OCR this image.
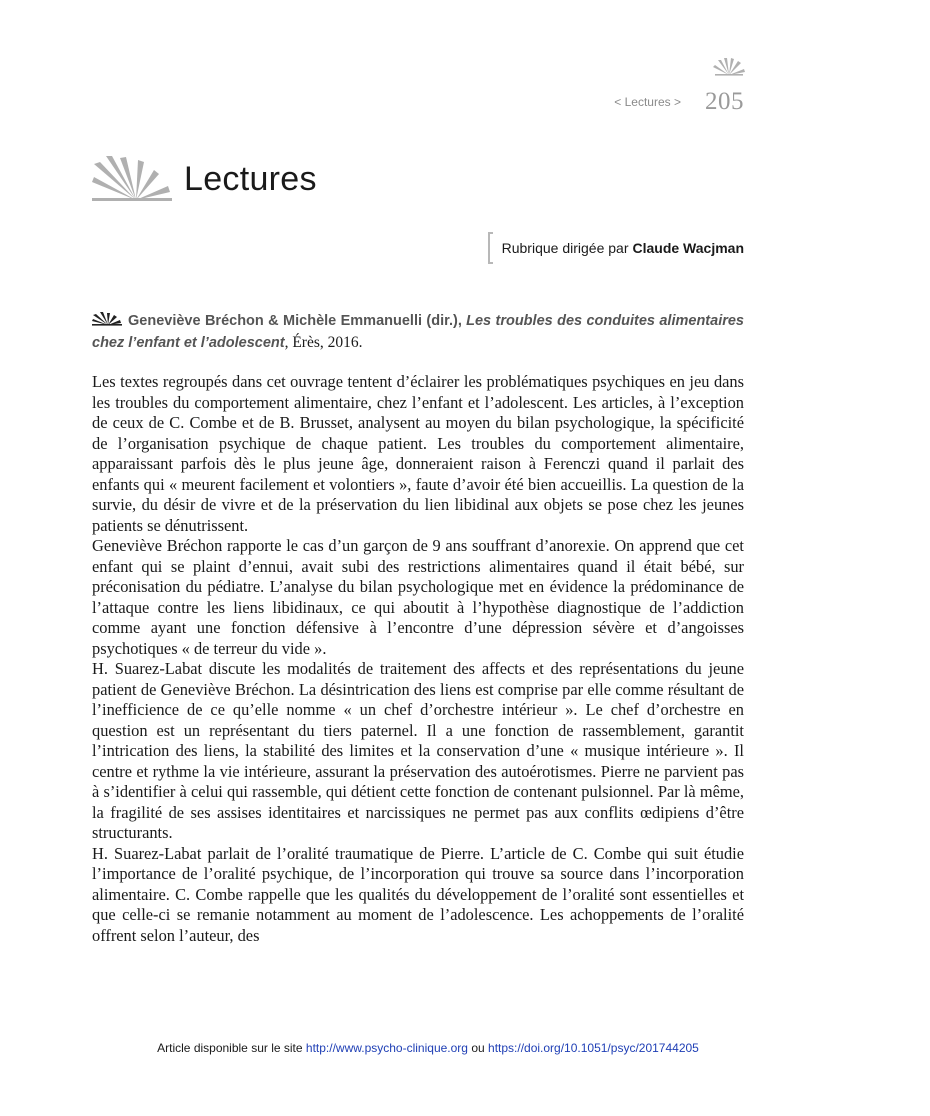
< Lectures > 205
Lectures
Rubrique dirigée par Claude Wacjman
Geneviève Bréchon & Michèle Emmanuelli (dir.), Les troubles des conduites alimentaires chez l’enfant et l’adolescent, Érès, 2016.

Les textes regroupés dans cet ouvrage tentent d’éclairer les problématiques psychiques en jeu dans les troubles du comportement alimentaire, chez l’enfant et l’adolescent. Les articles, à l’exception de ceux de C. Combe et de B. Brusset, analysent au moyen du bilan psychologique, la spécificité de l’organisation psychique de chaque patient. Les troubles du comportement alimentaire, apparaissant parfois dès le plus jeune âge, donneraient raison à Ferenczi quand il parlait des enfants qui « meurent facilement et volontiers », faute d’avoir été bien accueillis. La question de la survie, du désir de vivre et de la préservation du lien libidinal aux objets se pose chez les jeunes patients se dénutrissent.

Geneviève Bréchon rapporte le cas d’un garçon de 9 ans souffrant d’anorexie. On apprend que cet enfant qui se plaint d’ennui, avait subi des restrictions alimentaires quand il était bébé, sur préconisation du pédiatre. L’analyse du bilan psychologique met en évidence la prédominance de l’attaque contre les liens libidinaux, ce qui aboutit à l’hypothèse diagnostique de l’addiction comme ayant une fonction défensive à l’encontre d’une dépression sévère et d’angoisses psychotiques « de terreur du vide ».

H. Suarez-Labat discute les modalités de traitement des affects et des représentations du jeune patient de Geneviève Bréchon. La désintrication des liens est comprise par elle comme résultant de l’inefficience de ce qu’elle nomme « un chef d’orchestre intérieur ». Le chef d’orchestre en question est un représentant du tiers paternel. Il a une fonction de rassemblement, garantit l’intrication des liens, la stabilité des limites et la conservation d’une « musique intérieure ». Il centre et rythme la vie intérieure, assurant la préservation des autoérotismes. Pierre ne parvient pas à s’identifier à celui qui rassemble, qui détient cette fonction de contenant pulsionnel. Par là même, la fragilité de ses assises identitaires et narcissiques ne permet pas aux conflits œdipiens d’être structurants.

H. Suarez-Labat parlait de l’oralité traumatique de Pierre. L’article de C. Combe qui suit étudie l’importance de l’oralité psychique, de l’incorporation qui trouve sa source dans l’incorporation alimentaire. C. Combe rappelle que les qualités du développement de l’oralité sont essentielles et que celle-ci se remanie notamment au moment de l’adolescence. Les achoppements de l’oralité offrent selon l’auteur, des

Article disponible sur le site http://www.psycho-clinique.org ou https://doi.org/10.1051/psyc/201744205
